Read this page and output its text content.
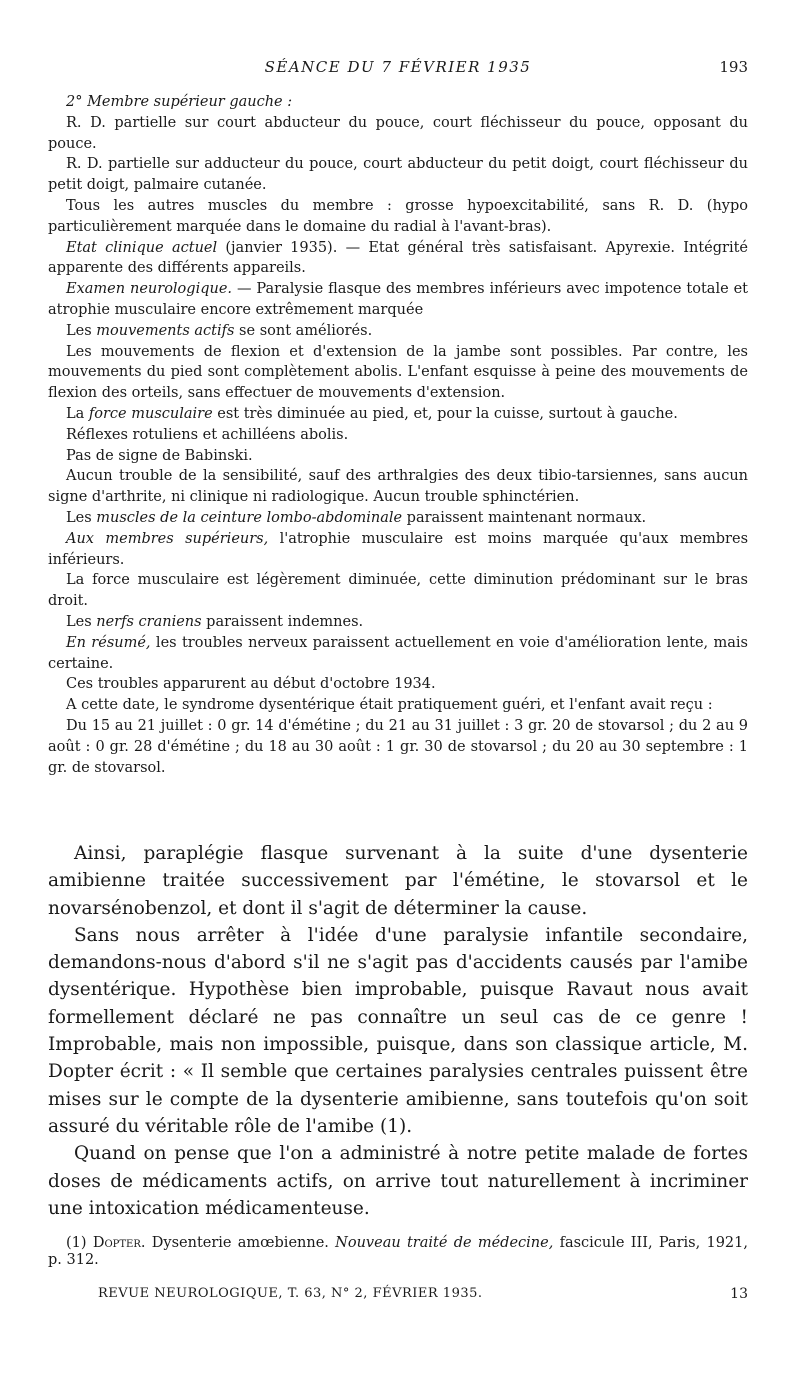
SÉANCE DU 7 FÉVRIER 1935	193

2° Membre supérieur gauche :

R. D. partielle sur court abducteur du pouce, court fléchisseur du pouce, opposant du pouce.

R. D. partielle sur adducteur du pouce, court abducteur du petit doigt, court fléchisseur du petit doigt, palmaire cutanée.

Tous les autres muscles du membre : grosse hypoexcitabilité, sans R. D. (hypo particulièrement marquée dans le domaine du radial à l'avant-bras).

Etat clinique actuel (janvier 1935). — Etat général très satisfaisant. Apyrexie. Intégrité apparente des différents appareils.

Examen neurologique. — Paralysie flasque des membres inférieurs avec impotence totale et atrophie musculaire encore extrêmement marquée

Les mouvements actifs se sont améliorés.

Les mouvements de flexion et d'extension de la jambe sont possibles. Par contre, les mouvements du pied sont complètement abolis. L'enfant esquisse à peine des mouvements de flexion des orteils, sans effectuer de mouvements d'extension.

La force musculaire est très diminuée au pied, et, pour la cuisse, surtout à gauche.

Réflexes rotuliens et achilléens abolis.

Pas de signe de Babinski.

Aucun trouble de la sensibilité, sauf des arthralgies des deux tibio-tarsiennes, sans aucun signe d'arthrite, ni clinique ni radiologique. Aucun trouble sphinctérien.

Les muscles de la ceinture lombo-abdominale paraissent maintenant normaux.

Aux membres supérieurs, l'atrophie musculaire est moins marquée qu'aux membres inférieurs.

La force musculaire est légèrement diminuée, cette diminution prédominant sur le bras droit.

Les nerfs craniens paraissent indemnes.

En résumé, les troubles nerveux paraissent actuellement en voie d'amélioration lente, mais certaine.

Ces troubles apparurent au début d'octobre 1934.

A cette date, le syndrome dysentérique était pratiquement guéri, et l'enfant avait reçu :

Du 15 au 21 juillet : 0 gr. 14 d'émétine ; du 21 au 31 juillet : 3 gr. 20 de stovarsol ; du 2 au 9 août : 0 gr. 28 d'émétine ; du 18 au 30 août : 1 gr. 30 de stovarsol ; du 20 au 30 septembre : 1 gr. de stovarsol.

Ainsi, paraplégie flasque survenant à la suite d'une dysenterie amibienne traitée successivement par l'émétine, le stovarsol et le novarsénobenzol, et dont il s'agit de déterminer la cause.

Sans nous arrêter à l'idée d'une paralysie infantile secondaire, demandons-nous d'abord s'il ne s'agit pas d'accidents causés par l'amibe dysentérique. Hypothèse bien improbable, puisque Ravaut nous avait formellement déclaré ne pas connaître un seul cas de ce genre ! Improbable, mais non impossible, puisque, dans son classique article, M. Dopter écrit : « Il semble que certaines paralysies centrales puissent être mises sur le compte de la dysenterie amibienne, sans toutefois qu'on soit assuré du véritable rôle de l'amibe (1).

Quand on pense que l'on a administré à notre petite malade de fortes doses de médicaments actifs, on arrive tout naturellement à incriminer une intoxication médicamenteuse.

(1) Dopter. Dysenterie amœbienne. Nouveau traité de médecine, fascicule III, Paris, 1921, p. 312.

REVUE NEUROLOGIQUE, T. 63, N° 2, FÉVRIER 1935.	13
